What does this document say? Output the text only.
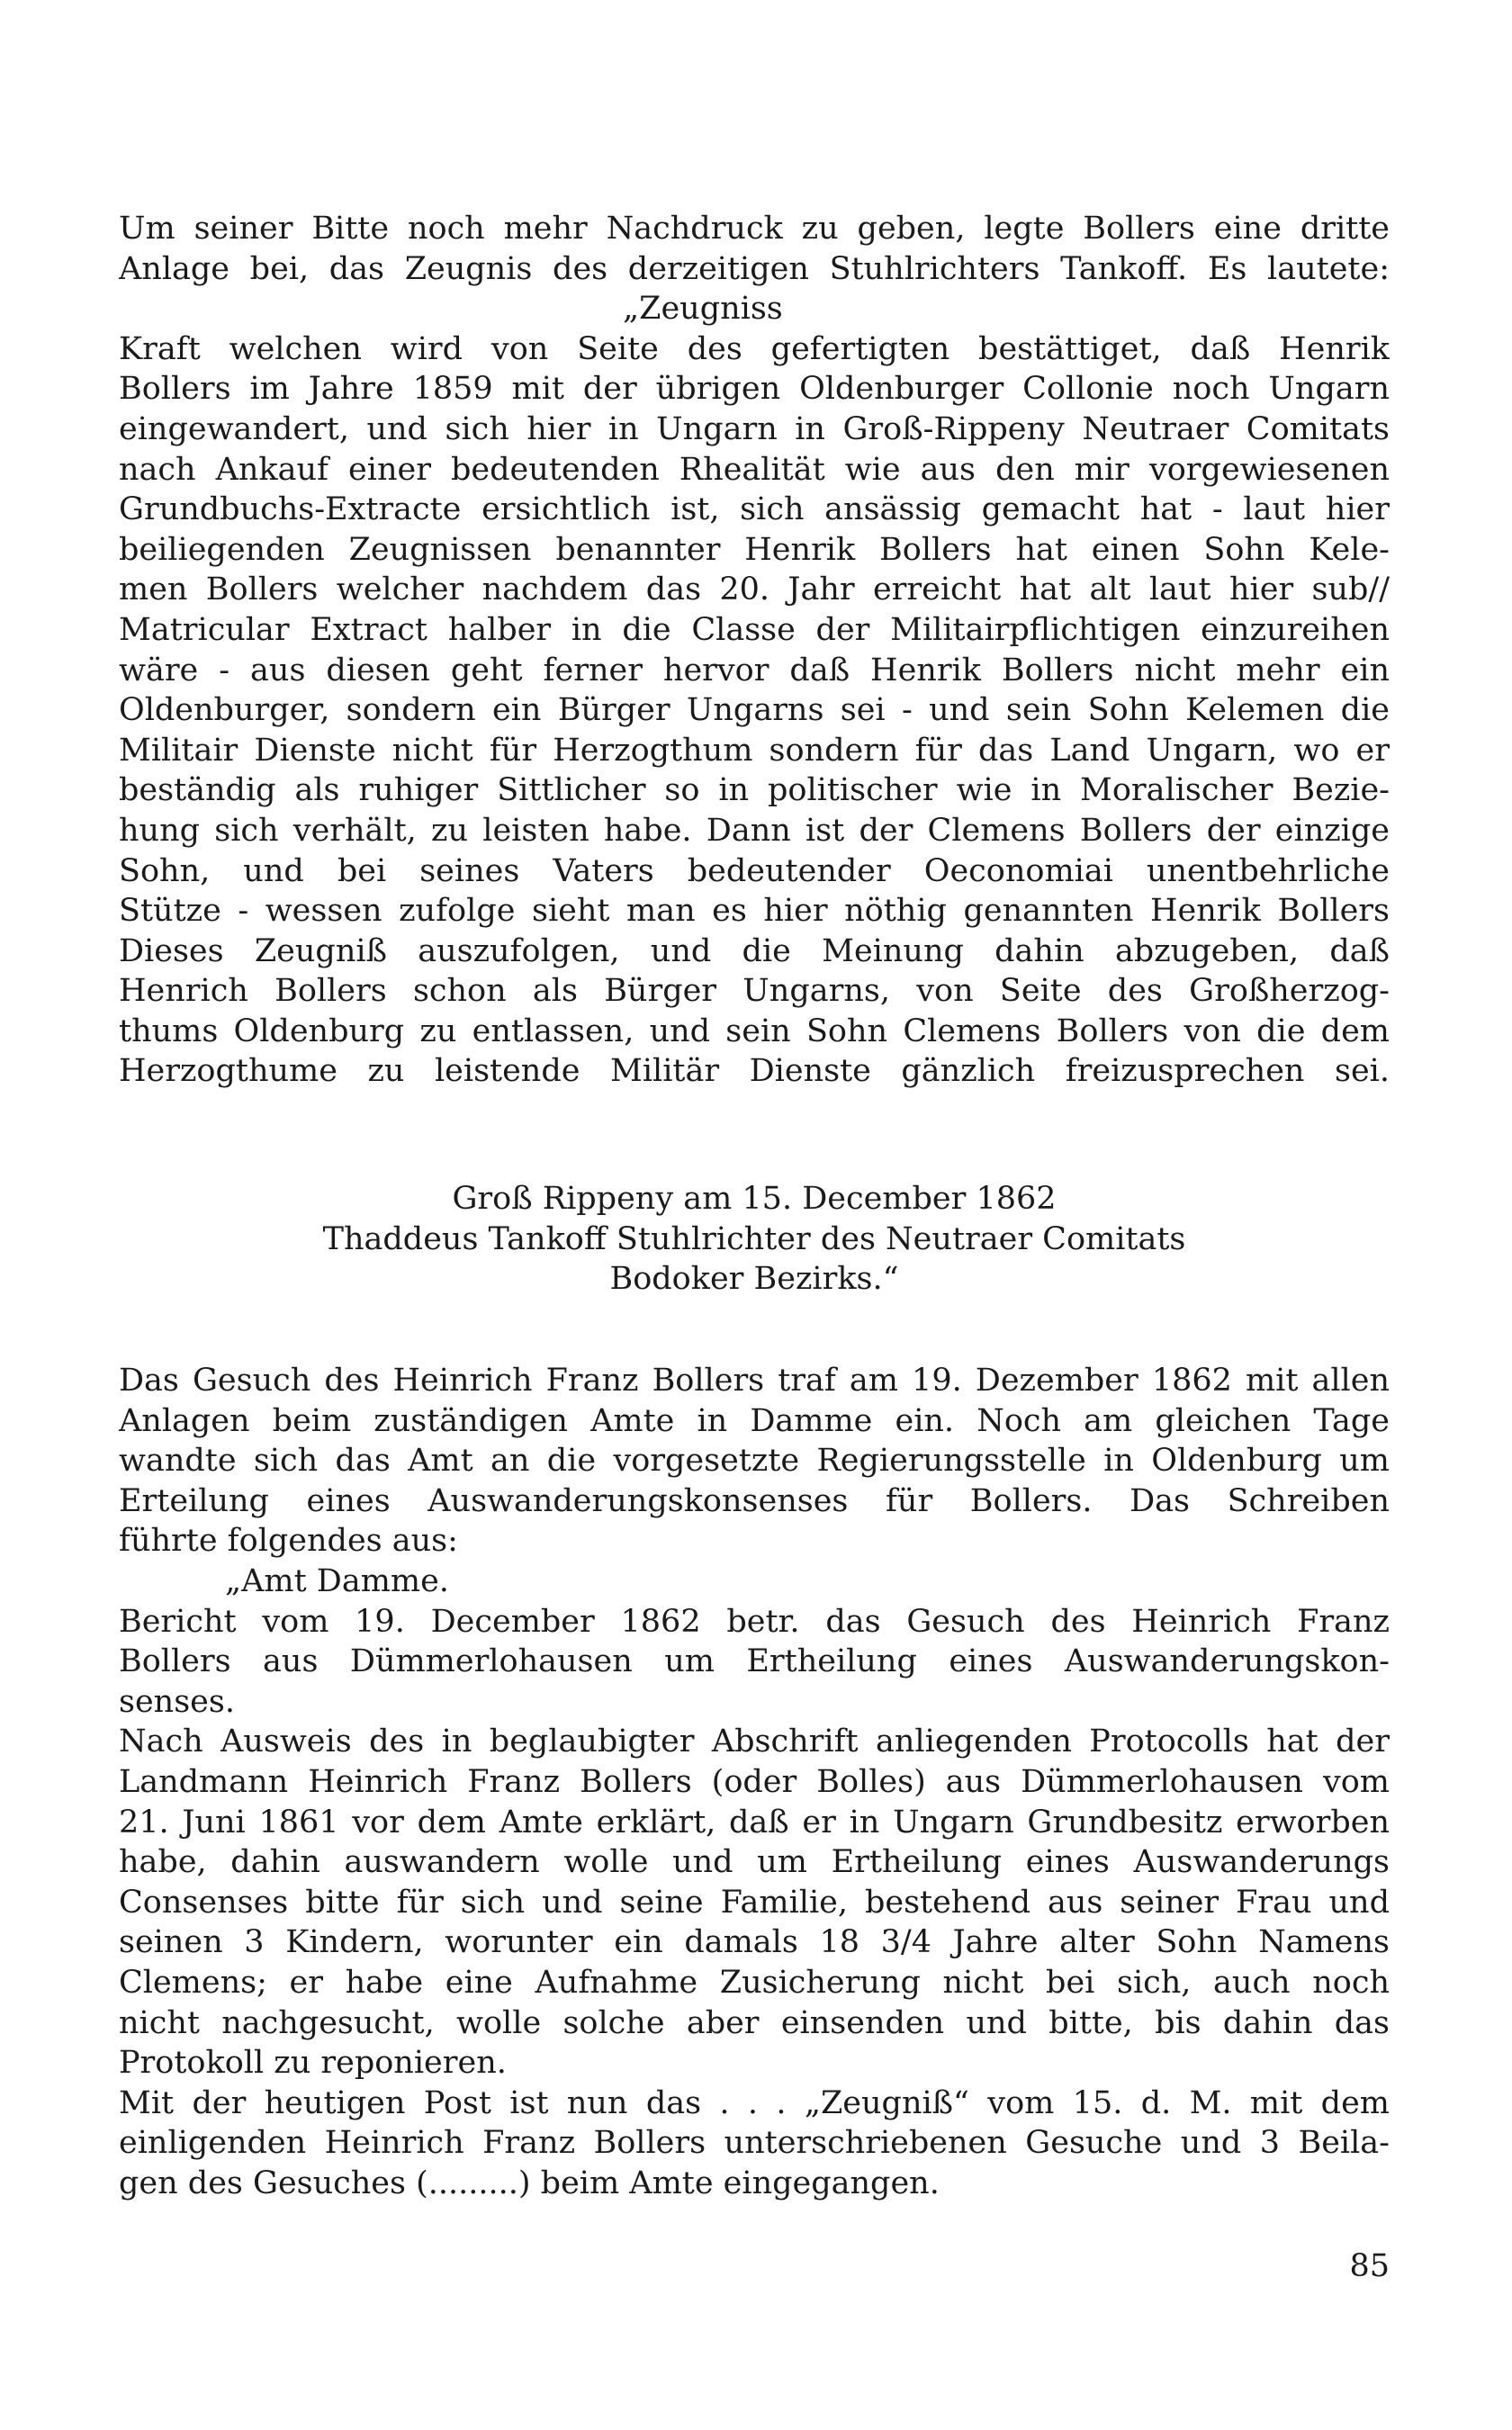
Um seiner Bitte noch mehr Nachdruck zu geben, legte Bollers eine dritte
Anlage bei, das Zeugnis des derzeitigen Stuhlrichters Tankoff. Es lautete:
„Zeugniss
Kraft welchen wird von Seite des gefertigten bestättiget, daß Henrik
Bollers im Jahre 1859 mit der übrigen Oldenburger Collonie noch Ungarn
eingewandert, und sich hier in Ungarn in Groß-Rippeny Neutraer Comitats
nach Ankauf einer bedeutenden Rhealität wie aus den mir vorgewiesenen
Grundbuchs-Extracte ersichtlich ist, sich ansässig gemacht hat - laut hier
beiliegenden Zeugnissen benannter Henrik Bollers hat einen Sohn Kele-
men Bollers welcher nachdem das 20. Jahr erreicht hat alt laut hier sub//
Matricular Extract halber in die Classe der Militairpflichtigen einzureihen
wäre - aus diesen geht ferner hervor daß Henrik Bollers nicht mehr ein
Oldenburger, sondern ein Bürger Ungarns sei - und sein Sohn Kelemen die
Militair Dienste nicht für Herzogthum sondern für das Land Ungarn, wo er
beständig als ruhiger Sittlicher so in politischer wie in Moralischer Bezie-
hung sich verhält, zu leisten habe. Dann ist der Clemens Bollers der einzige
Sohn, und bei seines Vaters bedeutender Oeconomiai unentbehrliche
Stütze - wessen zufolge sieht man es hier nöthig genannten Henrik Bollers
Dieses Zeugniß auszufolgen, und die Meinung dahin abzugeben, daß
Henrich Bollers schon als Bürger Ungarns, von Seite des Großherzog-
thums Oldenburg zu entlassen, und sein Sohn Clemens Bollers von die dem
Herzogthume zu leistende Militär Dienste gänzlich freizusprechen sei.
Groß Rippeny am 15. December 1862
Thaddeus Tankoff Stuhlrichter des Neutraer Comitats
Bodoker Bezirks.“
Das Gesuch des Heinrich Franz Bollers traf am 19. Dezember 1862 mit allen
Anlagen beim zuständigen Amte in Damme ein. Noch am gleichen Tage
wandte sich das Amt an die vorgesetzte Regierungsstelle in Oldenburg um
Erteilung eines Auswanderungskonsenses für Bollers. Das Schreiben
führte folgendes aus:
„Amt Damme.
Bericht vom 19. December 1862 betr. das Gesuch des Heinrich Franz
Bollers aus Dümmerlohausen um Ertheilung eines Auswanderungskon-
senses.
Nach Ausweis des in beglaubigter Abschrift anliegenden Protocolls hat der
Landmann Heinrich Franz Bollers (oder Bolles) aus Dümmerlohausen vom
21. Juni 1861 vor dem Amte erklärt, daß er in Ungarn Grundbesitz erworben
habe, dahin auswandern wolle und um Ertheilung eines Auswanderungs
Consenses bitte für sich und seine Familie, bestehend aus seiner Frau und
seinen 3 Kindern, worunter ein damals 18 3/4 Jahre alter Sohn Namens
Clemens; er habe eine Aufnahme Zusicherung nicht bei sich, auch noch
nicht nachgesucht, wolle solche aber einsenden und bitte, bis dahin das
Protokoll zu reponieren.
Mit der heutigen Post ist nun das . . . „Zeugniß“ vom 15. d. M. mit dem
einligenden Heinrich Franz Bollers unterschriebenen Gesuche und 3 Beila-
gen des Gesuches (.........) beim Amte eingegangen.
85
